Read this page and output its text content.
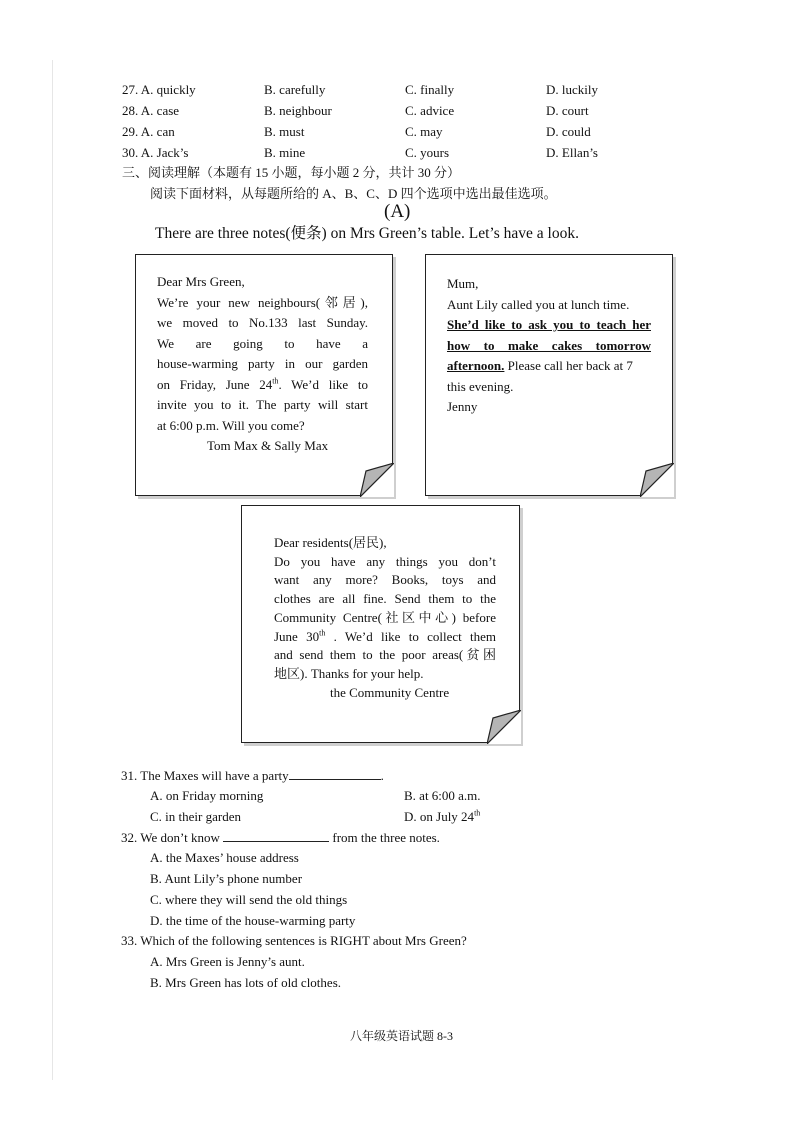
27. A. quickly	B. carefully	C. finally	D. luckily
28. A. case	B. neighbour	C. advice	D. court
29. A. can	B. must	C. may	D. could
30. A. Jack’s	B. mine	C. yours	D. Ellan’s
三、阅读理解（本题有 15 小题，每小题 2 分，共计 30 分）
阅读下面材料，从每题所给的 A、B、C、D 四个选项中选出最佳选项。
(A)
There are three notes(便条) on Mrs Green’s table. Let’s have a look.
Dear Mrs Green,
We’re your new neighbours(邻居),
we moved to No.133 last Sunday.
We are going to have a
house-warming party in our garden
on Friday, June 24th. We’d like to
invite you to it. The party will start
at 6:00 p.m. Will you come?
Tom Max & Sally Max
Mum,
Aunt Lily called you at lunch time.
She’d like to ask you to teach her
how to make cakes tomorrow
afternoon. Please call her back at 7
this evening.
Jenny
Dear residents(居民),
Do you have any things you don’t
want any more? Books, toys and
clothes are all fine. Send them to the
Community Centre(社区中心) before
June 30th . We’d like to collect them
and send them to the poor areas(贫困
地区). Thanks for your help.
the Community Centre
31. The Maxes will have a party	.
A. on Friday morning	B. at 6:00 a.m.
C. in their garden	D. on July 24th
32. We don’t know	from the three notes.
A. the Maxes’ house address
B. Aunt Lily’s phone number
C. where they will send the old things
D. the time of the house-warming party
33. Which of the following sentences is RIGHT about Mrs Green?
A. Mrs Green is Jenny’s aunt.
B. Mrs Green has lots of old clothes.
八年级英语试题 8-3
